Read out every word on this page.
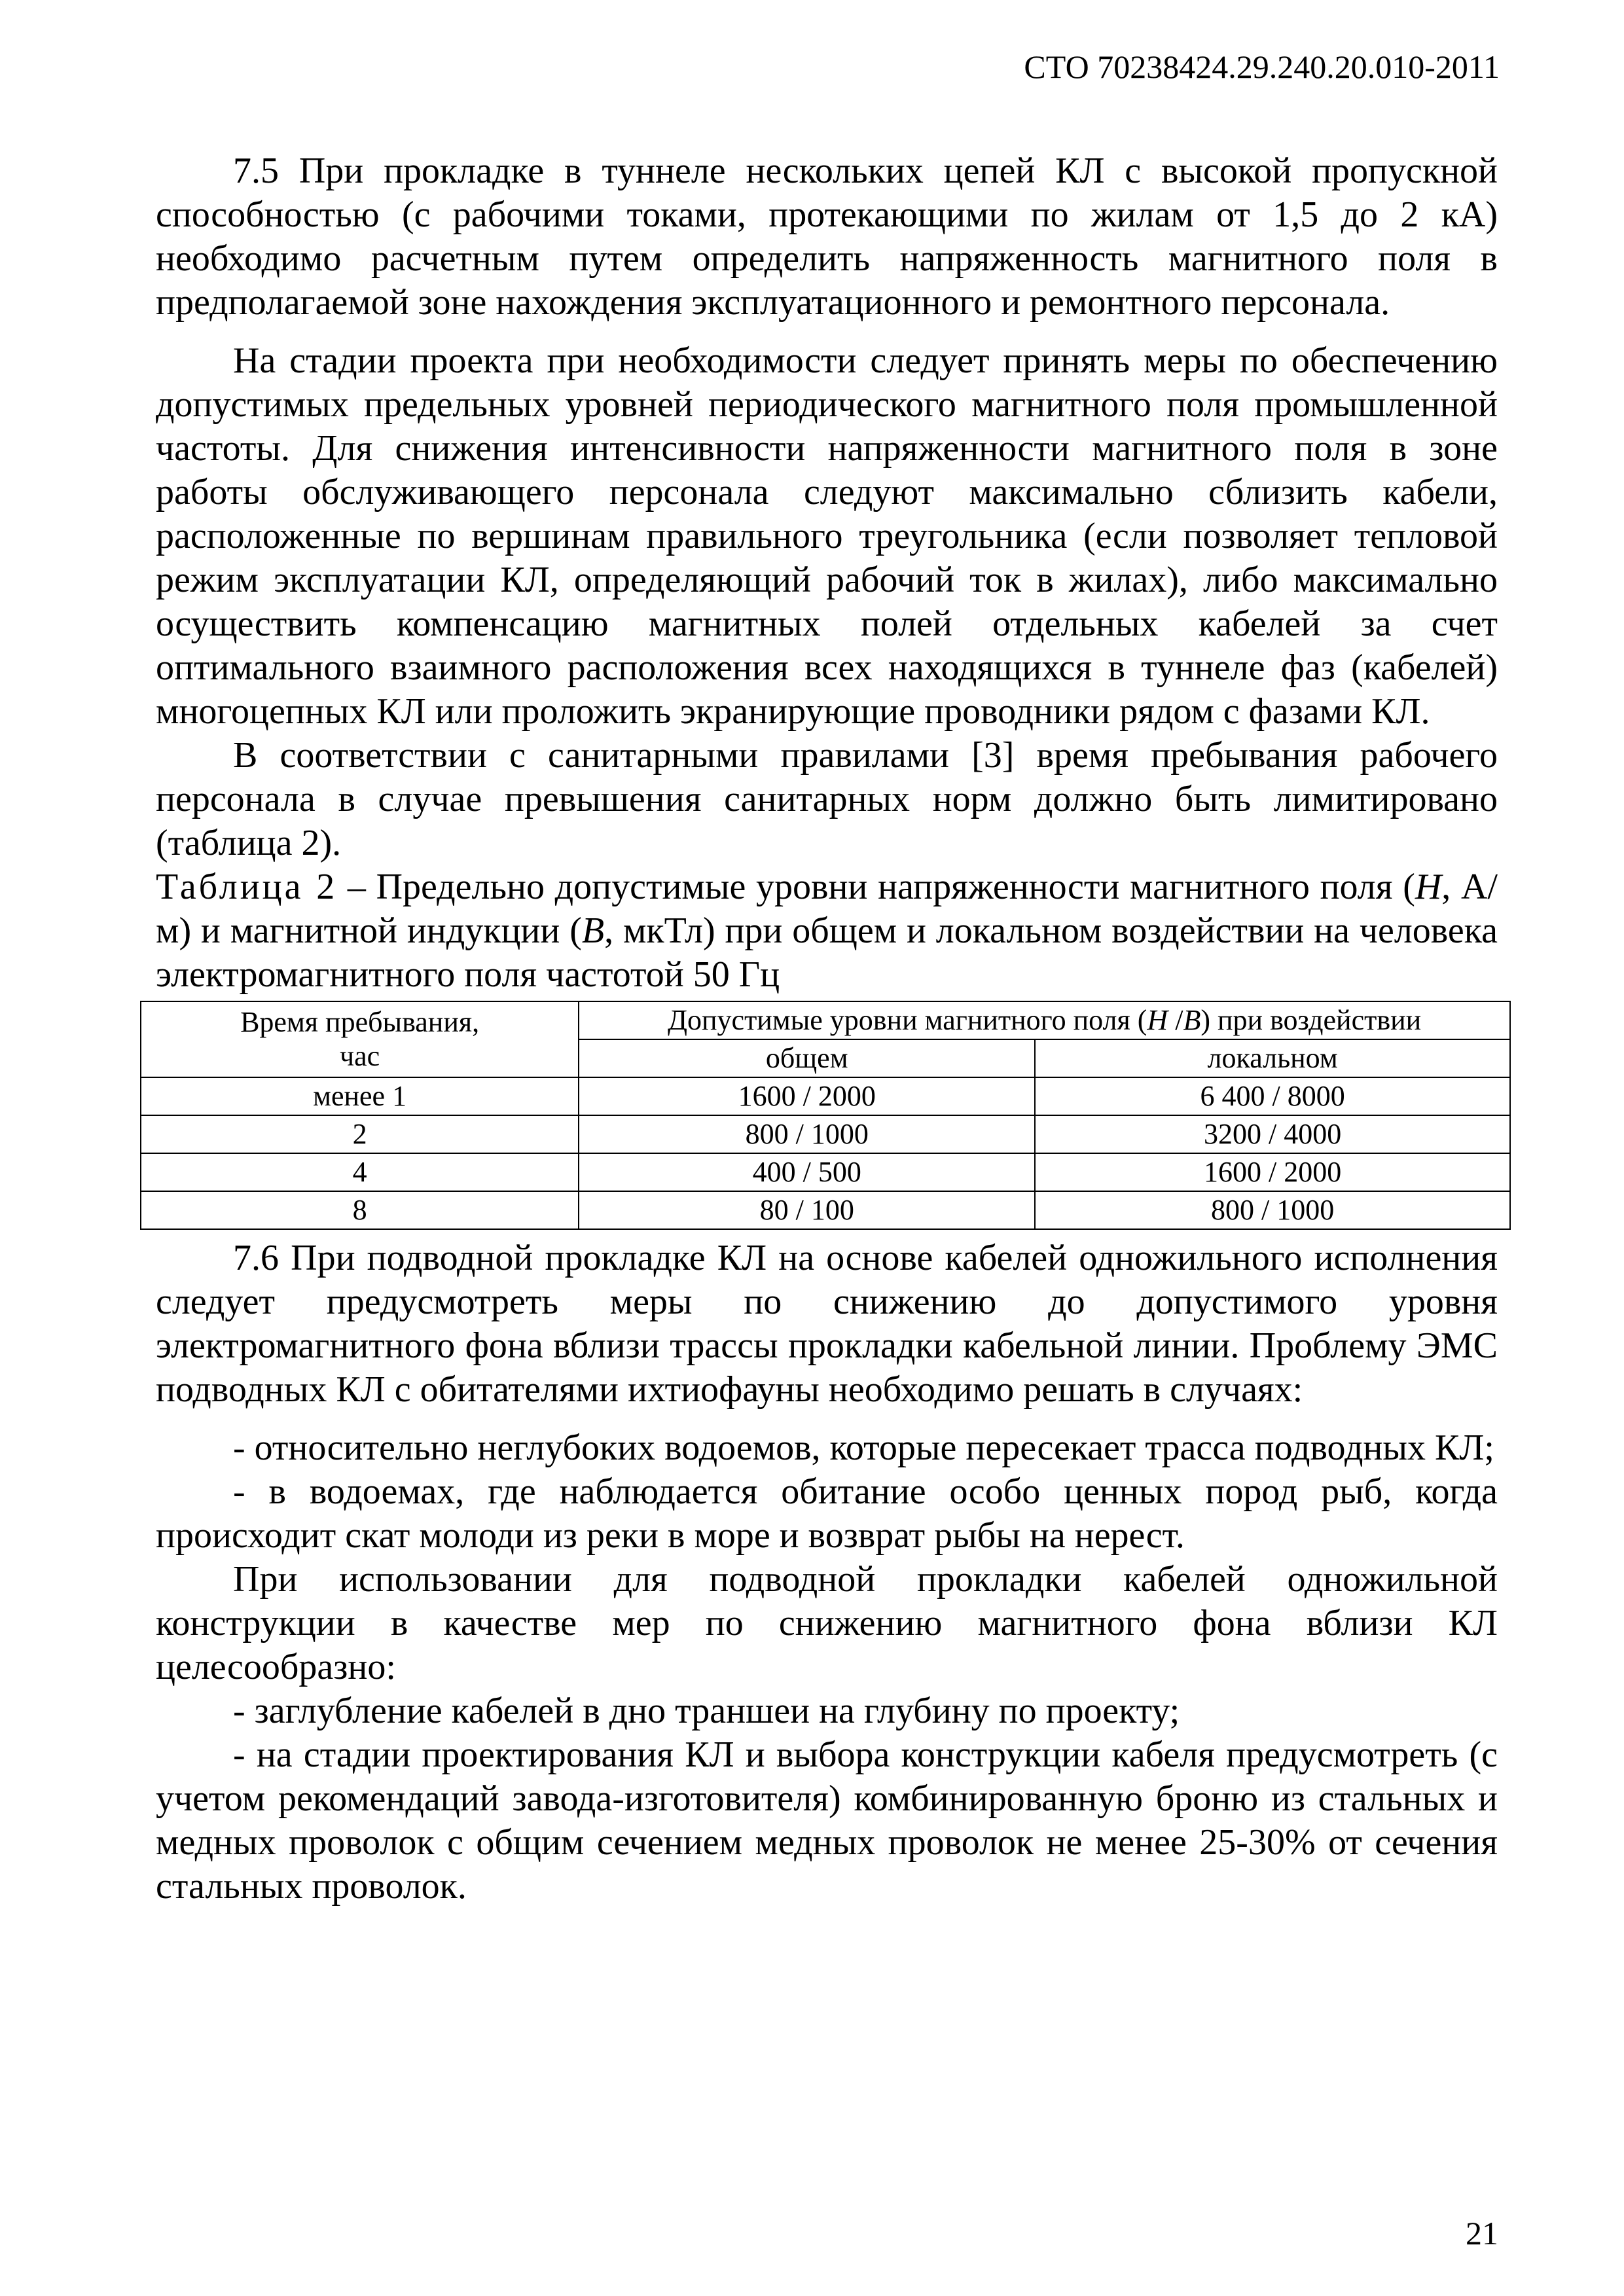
СТО 70238424.29.240.20.010-2011

7.5 При прокладке в туннеле нескольких цепей КЛ с высокой пропускной способностью (с рабочими токами, протекающими по жилам от 1,5 до 2 кА) необходимо расчетным путем определить напряженность магнитного поля в предполагаемой зоне нахождения эксплуатационного и ремонтного персонала.

На стадии проекта при необходимости следует принять меры по обеспечению допустимых предельных уровней периодического магнитного поля промышленной частоты. Для снижения интенсивности напряженности магнитного поля в зоне работы обслуживающего персонала следуют максимально сблизить кабели, расположенные по вершинам правильного треугольника (если позволяет тепловой режим эксплуатации КЛ, определяющий рабочий ток в жилах), либо максимально осуществить компенсацию магнитных полей отдельных кабелей за счет оптимального взаимного расположения всех находящихся в туннеле фаз (кабелей) многоцепных КЛ или проложить экранирующие проводники рядом с фазами КЛ.

В соответствии с санитарными правилами [3] время пребывания рабочего персонала в случае превышения санитарных норм должно быть лимитировано (таблица 2).

Таблица 2 – Предельно допустимые уровни напряженности магнитного поля (H, А/м) и магнитной индукции (B, мкТл) при общем и локальном воздействии на человека электромагнитного поля частотой 50 Гц
Время пребывания,
час	Допустимые уровни магнитного поля (Н /В) при воздействии	
	общем	локальном
менее 1	1600 / 2000	6 400 / 8000
2	800 / 1000	3200 / 4000
4	400 / 500	1600 / 2000
8	80 / 100	800 / 1000

7.6 При подводной прокладке КЛ на основе кабелей одножильного исполнения следует предусмотреть меры по снижению до допустимого уровня электромагнитного фона вблизи трассы прокладки кабельной линии. Проблему ЭМС подводных КЛ с обитателями ихтиофауны необходимо решать в случаях:

- относительно неглубоких водоемов, которые пересекает трасса подводных КЛ;

- в водоемах, где наблюдается обитание особо ценных пород рыб, когда происходит скат молоди из реки в море и возврат рыбы на нерест.

При использовании для подводной прокладки кабелей одножильной конструкции в качестве мер по снижению магнитного фона вблизи КЛ целесообразно:

- заглубление кабелей в дно траншеи на глубину по проекту;

- на стадии проектирования КЛ и выбора конструкции кабеля предусмотреть (с учетом рекомендаций завода-изготовителя) комбинированную броню из стальных и медных проволок с общим сечением медных проволок не менее 25-30% от сечения стальных проволок.

21
